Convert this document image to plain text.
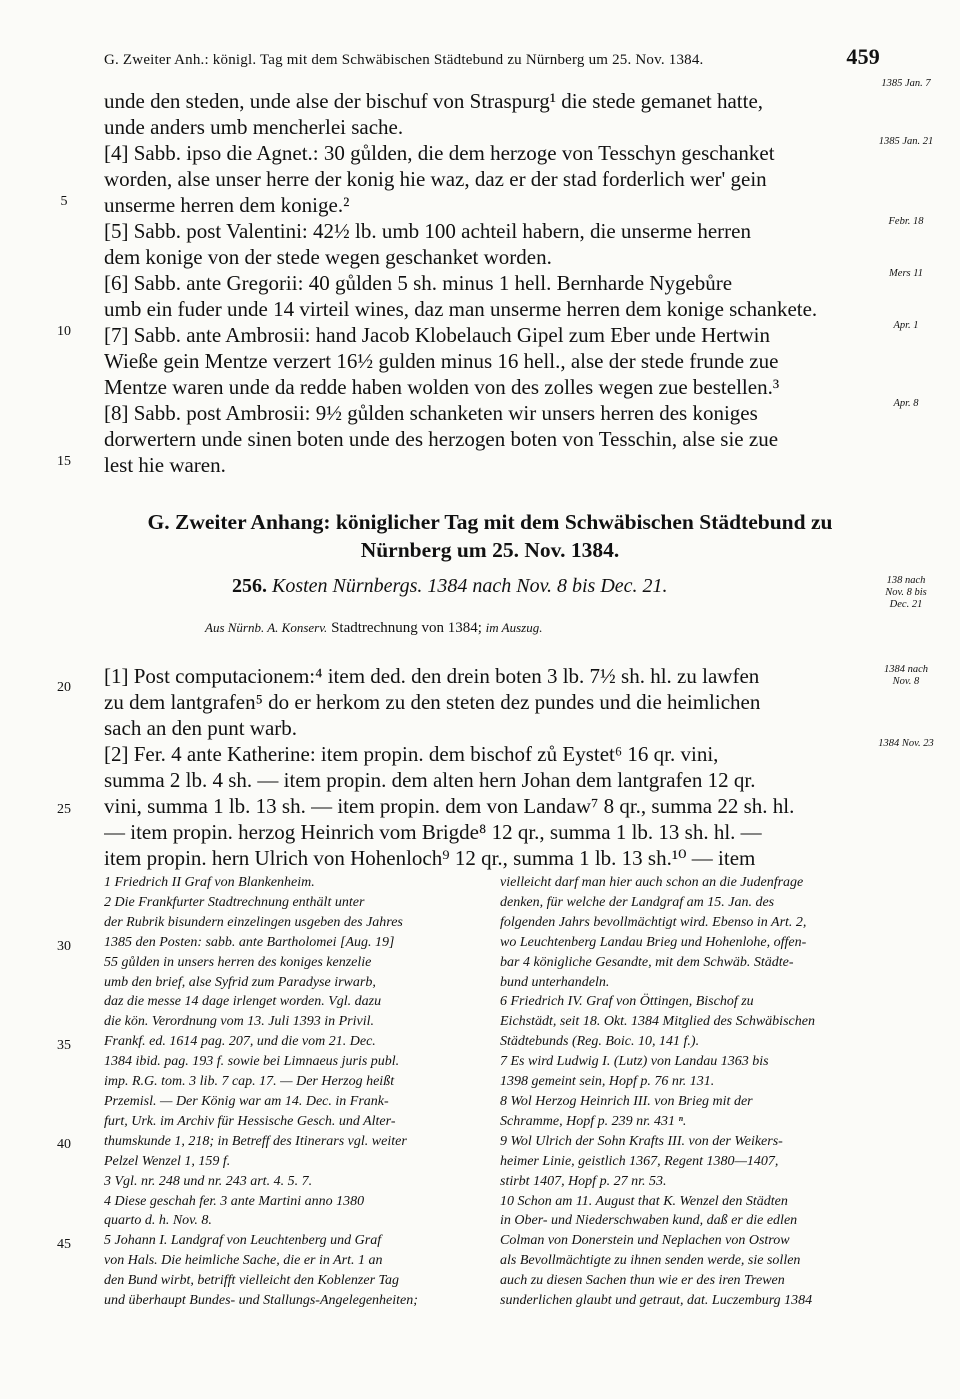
G. Zweiter Anh.: königl. Tag mit dem Schwäbischen Städtebund zu Nürnberg um 25. Nov. 1384.	459
unde den steden, unde alse der bischuf von Straspurg¹ die stede gemanet hatte,
unde anders umb mencherlei sache.
[4] Sabb. ipso die Agnet.: 30 gůlden, die dem herzoge von Tesschyn geschanket
worden, alse unser herre der konig hie waz, daz er der stad forderlich wer' gein
unserme herren dem konige.²
[5] Sabb. post Valentini: 42½ lb. umb 100 achteil habern, die unserme herren
dem konige von der stede wegen geschanket worden.
[6] Sabb. ante Gregorii: 40 gůlden 5 sh. minus 1 hell. Bernharde Nygebůre
umb ein fuder unde 14 virteil wines, daz man unserme herren dem konige schankete.
[7] Sabb. ante Ambrosii: hand Jacob Klobelauch Gipel zum Eber unde Hertwin
Wieße gein Mentze verzert 16½ gulden minus 16 hell., alse der stede frunde zue
Mentze waren unde da redde haben wolden von des zolles wegen zue bestellen.³
[8] Sabb. post Ambrosii: 9½ gůlden schanketen wir unsers herren des koniges
dorwertern unde sinen boten unde des herzogen boten von Tesschin, alse sie zue
lest hie waren.
1385 Jan. 7
1385 Jan. 21
Febr. 18
Mers 11
Apr. 1
Apr. 8
5
10
15
20
25
30
35
40
45
G. Zweiter Anhang: königlicher Tag mit dem Schwäbischen Städtebund zu
Nürnberg um 25. Nov. 1384.
256. Kosten Nürnbergs. 1384 nach Nov. 8 bis Dec. 21.	138 nach Nov. 8 bis Dec. 21
Aus Nürnb. A. Konserv. Stadtrechnung von 1384; im Auszug.
[1] Post computacionem:⁴ item ded. den drein boten 3 lb. 7½ sh. hl. zu lawfen
zu dem lantgrafen⁵ do er herkom zu den steten dez pundes und die heimlichen
sach an den punt warb.
[2] Fer. 4 ante Katherine: item propin. dem bischof zů Eystet⁶ 16 qr. vini,
summa 2 lb. 4 sh. — item propin. dem alten hern Johan dem lantgrafen 12 qr.
vini, summa 1 lb. 13 sh. — item propin. dem von Landaw⁷ 8 qr., summa 22 sh. hl.
— item propin. herzog Heinrich vom Brigde⁸ 12 qr., summa 1 lb. 13 sh. hl. —
item propin. hern Ulrich von Hohenloch⁹ 12 qr., summa 1 lb. 13 sh.¹⁰ — item
1384 nach Nov. 8
1384 Nov. 23
1 Friedrich II Graf von Blankenheim.
2 Die Frankfurter Stadtrechnung enthält unter
der Rubrik bisundern einzelingen usgeben des Jahres
1385 den Posten: sabb. ante Bartholomei [Aug. 19]
55 gůlden in unsers herren des koniges kenzelie
umb den brief, alse Syfrid zum Paradyse irwarb,
daz die messe 14 dage irlenget worden. Vgl. dazu
die kön. Verordnung vom 13. Juli 1393 in Privil.
Frankf. ed. 1614 pag. 207, und die vom 21. Dec.
1384 ibid. pag. 193 f. sowie bei Limnaeus juris publ.
imp. R.G. tom. 3 lib. 7 cap. 17. — Der Herzog heißt
Przemisl. — Der König war am 14. Dec. in Frank-
furt, Urk. im Archiv für Hessische Gesch. und Alter-
thumskunde 1, 218; in Betreff des Itinerars vgl. weiter
Pelzel Wenzel 1, 159 f.
3 Vgl. nr. 248 und nr. 243 art. 4. 5. 7.
4 Diese geschah fer. 3 ante Martini anno 1380
quarto d. h. Nov. 8.
5 Johann I. Landgraf von Leuchtenberg und Graf
von Hals. Die heimliche Sache, die er in Art. 1 an
den Bund wirbt, betrifft vielleicht den Koblenzer Tag
und überhaupt Bundes- und Stallungs-Angelegenheiten;
vielleicht darf man hier auch schon an die Judenfrage
denken, für welche der Landgraf am 15. Jan. des
folgenden Jahrs bevollmächtigt wird. Ebenso in Art. 2,
wo Leuchtenberg Landau Brieg und Hohenlohe, offen-
bar 4 königliche Gesandte, mit dem Schwäb. Städte-
bund unterhandeln.
6 Friedrich IV. Graf von Öttingen, Bischof zu
Eichstädt, seit 18. Okt. 1384 Mitglied des Schwäbischen
Städtebunds (Reg. Boic. 10, 141 f.).
7 Es wird Ludwig I. (Lutz) von Landau 1363 bis
1398 gemeint sein, Hopf p. 76 nr. 131.
8 Wol Herzog Heinrich III. von Brieg mit der
Schramme, Hopf p. 239 nr. 431 ⁿ.
9 Wol Ulrich der Sohn Krafts III. von der Weikers-
heimer Linie, geistlich 1367, Regent 1380—1407,
stirbt 1407, Hopf p. 27 nr. 53.
10 Schon am 11. August that K. Wenzel den Städten
in Ober- und Niederschwaben kund, daß er die edlen
Colman von Donerstein und Neplachen von Ostrow
als Bevollmächtigte zu ihnen senden werde, sie sollen
auch zu diesen Sachen thun wie er des iren Trewen
sunderlichen glaubt und getraut, dat. Luczemburg 1384
